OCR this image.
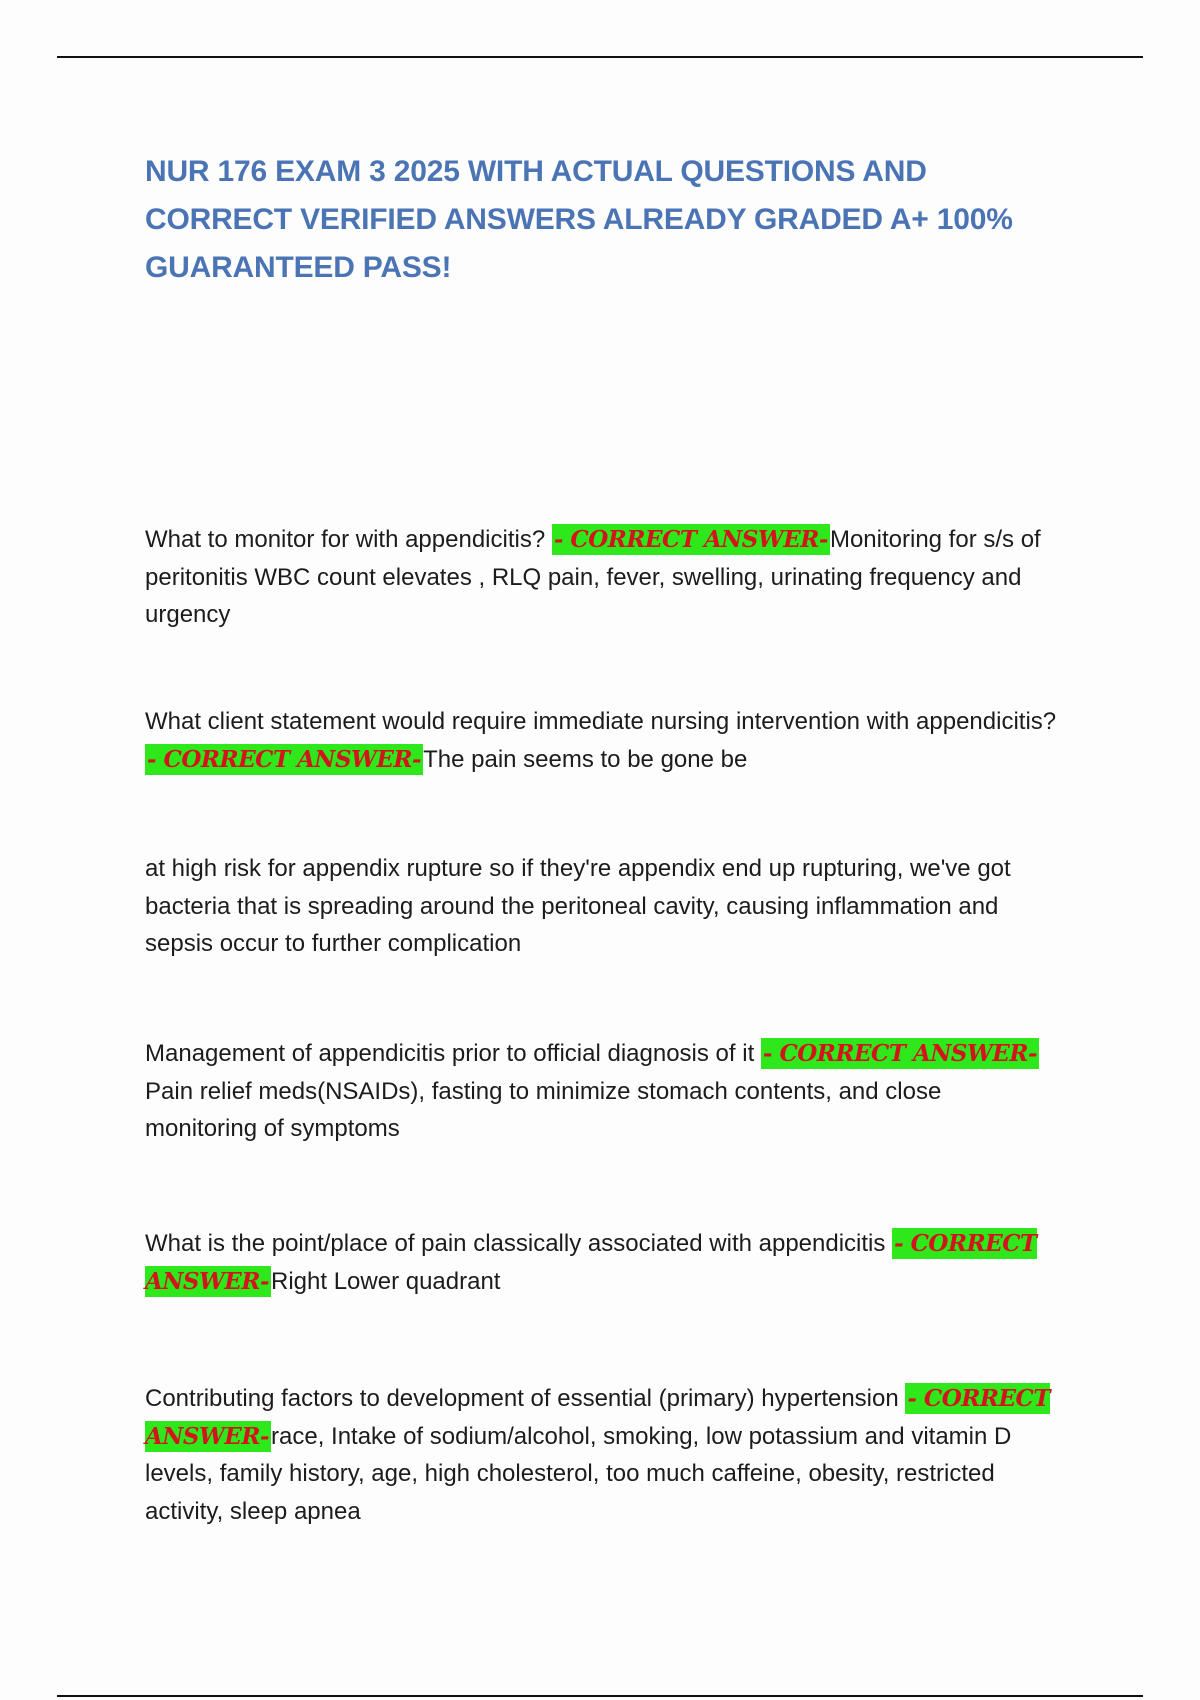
NUR 176 EXAM 3 2025 WITH ACTUAL QUESTIONS AND CORRECT VERIFIED ANSWERS ALREADY GRADED A+ 100% GUARANTEED PASS!

What to monitor for with appendicitis? - CORRECT ANSWER-Monitoring for s/s of peritonitis WBC count elevates , RLQ pain, fever, swelling, urinating frequency and urgency

What client statement would require immediate nursing intervention with appendicitis? - CORRECT ANSWER-The pain seems to be gone be

at high risk for appendix rupture so if they're appendix end up rupturing, we've got bacteria that is spreading around the peritoneal cavity, causing inflammation and sepsis occur to further complication

Management of appendicitis prior to official diagnosis of it - CORRECT ANSWER-Pain relief meds(NSAIDs), fasting to minimize stomach contents, and close monitoring of symptoms

What is the point/place of pain classically associated with appendicitis - CORRECT ANSWER-Right Lower quadrant

Contributing factors to development of essential (primary) hypertension - CORRECT ANSWER-race, Intake of sodium/alcohol, smoking, low potassium and vitamin D levels, family history, age, high cholesterol, too much caffeine, obesity, restricted activity, sleep apnea
